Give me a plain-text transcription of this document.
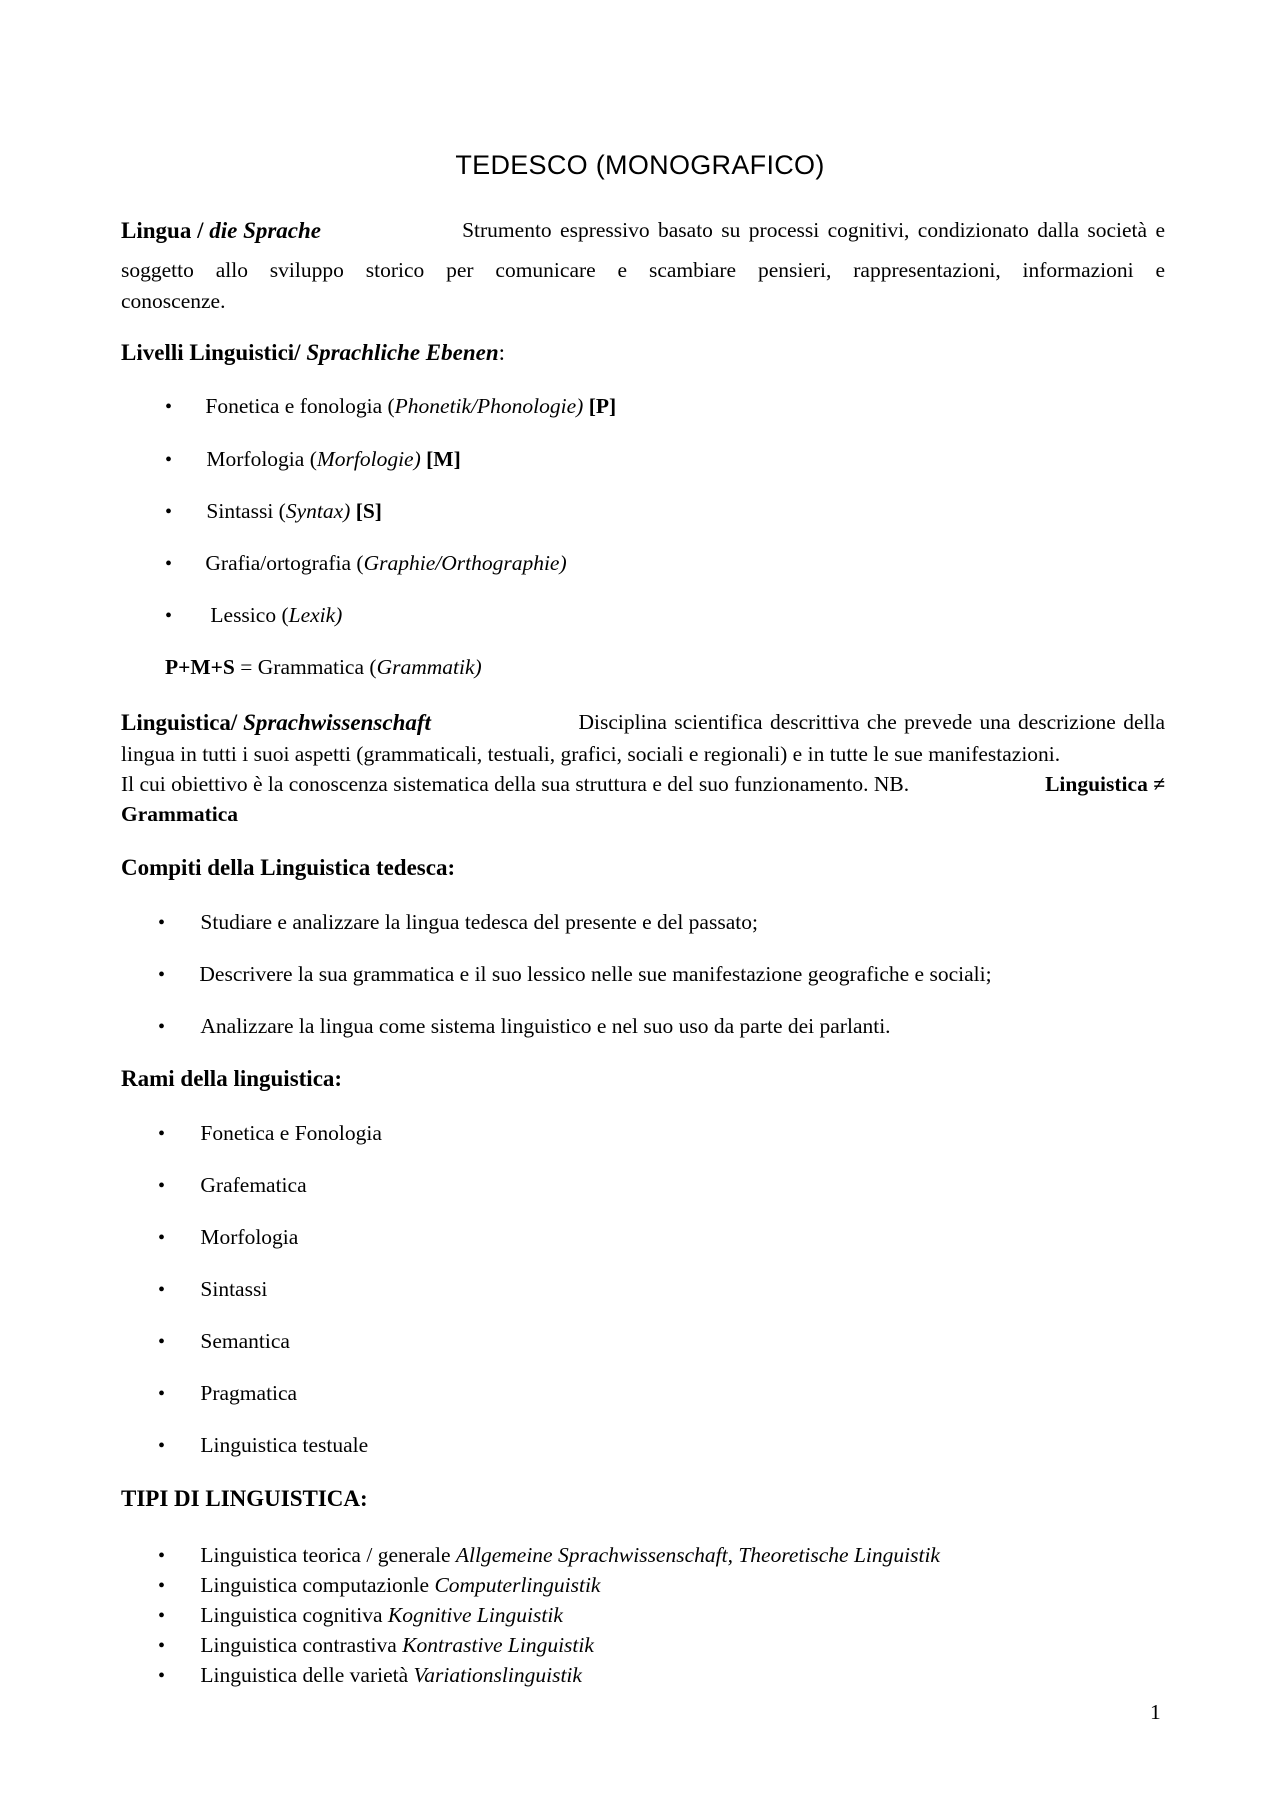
TEDESCO (MONOGRAFICO)
Lingua / die Sprache	Strumento espressivo basato su processi cognitivi, condizionato dalla società e
soggetto allo sviluppo storico per comunicare e scambiare pensieri, rappresentazioni, informazioni e
conoscenze.
Livelli Linguistici/ Sprachliche Ebenen:
• Fonetica e fonologia (Phonetik/Phonologie) [P]
• Morfologia (Morfologie) [M]
• Sintassi (Syntax) [S]
• Grafia/ortografia (Graphie/Orthographie)
• Lessico (Lexik)
P+M+S = Grammatica (Grammatik)
Linguistica/ Sprachwissenschaft	Disciplina scientifica descrittiva che prevede una descrizione della
lingua in tutti i suoi aspetti (grammaticali, testuali, grafici, sociali e regionali) e in tutte le sue manifestazioni.
Il cui obiettivo è la conoscenza sistematica della sua struttura e del suo funzionamento. NB.	Linguistica ≠
Grammatica
Compiti della Linguistica tedesca:
• Studiare e analizzare la lingua tedesca del presente e del passato;
• Descrivere la sua grammatica e il suo lessico nelle sue manifestazione geografiche e sociali;
• Analizzare la lingua come sistema linguistico e nel suo uso da parte dei parlanti.
Rami della linguistica:
• Fonetica e Fonologia
• Grafematica
• Morfologia
• Sintassi
• Semantica
• Pragmatica
• Linguistica testuale
TIPI DI LINGUISTICA:
• Linguistica teorica / generale Allgemeine Sprachwissenschaft, Theoretische Linguistik
• Linguistica computazionle Computerlinguistik
• Linguistica cognitiva Kognitive Linguistik
• Linguistica contrastiva Kontrastive Linguistik
• Linguistica delle varietà Variationslinguistik
1
